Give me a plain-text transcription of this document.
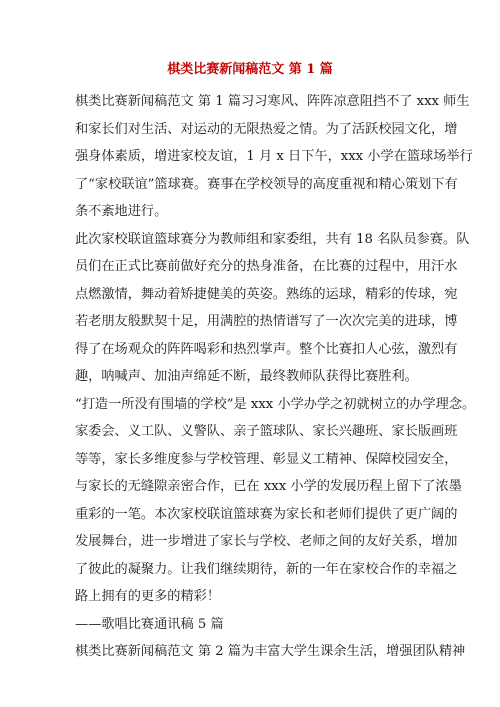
棋类比赛新闻稿范文 第 1 篇
棋类比赛新闻稿范文 第 1 篇习习寒风、阵阵凉意阻挡不了 xxx 师生
和家长们对生活、对运动的无限热爱之情。为了活跃校园文化，增
强身体素质，增进家校友谊，1 月 x 日下午，xxx 小学在篮球场举行
了“家校联谊”篮球赛。赛事在学校领导的高度重视和精心策划下有
条不紊地进行。
此次家校联谊篮球赛分为教师组和家委组，共有 18 名队员参赛。队
员们在正式比赛前做好充分的热身准备，在比赛的过程中，用汗水
点燃激情，舞动着矫捷健美的英姿。熟练的运球，精彩的传球，宛
若老朋友般默契十足，用满腔的热情谱写了一次次完美的进球，博
得了在场观众的阵阵喝彩和热烈掌声。整个比赛扣人心弦，激烈有
趣，呐喊声、加油声绵延不断，最终教师队获得比赛胜利。
“打造一所没有围墙的学校”是 xxx 小学办学之初就树立的办学理念。
家委会、义工队、义警队、亲子篮球队、家长兴趣班、家长版画班
等等，家长多维度参与学校管理、彰显义工精神、保障校园安全，
与家长的无缝隙亲密合作，已在 xxx 小学的发展历程上留下了浓墨
重彩的一笔。本次家校联谊篮球赛为家长和老师们提供了更广阔的
发展舞台，进一步增进了家长与学校、老师之间的友好关系，增加
了彼此的凝聚力。让我们继续期待，新的一年在家校合作的幸福之
路上拥有的更多的精彩！
——歌唱比赛通讯稿 5 篇
棋类比赛新闻稿范文 第 2 篇为丰富大学生课余生活，增强团队精神
